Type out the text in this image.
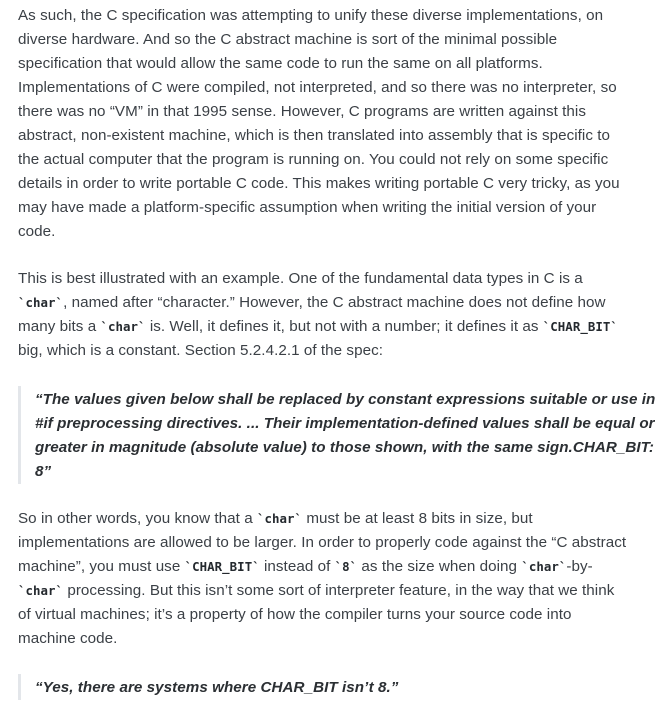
As such, the C specification was attempting to unify these diverse implementations, on
diverse hardware. And so the C abstract machine is sort of the minimal possible
specification that would allow the same code to run the same on all platforms.
Implementations of C were compiled, not interpreted, and so there was no interpreter, so
there was no “VM” in that 1995 sense. However, C programs are written against this
abstract, non-existent machine, which is then translated into assembly that is specific to
the actual computer that the program is running on. You could not rely on some specific
details in order to write portable C code. This makes writing portable C very tricky, as you
may have made a platform-specific assumption when writing the initial version of your
code.

This is best illustrated with an example. One of the fundamental data types in C is a
`char`, named after “character.” However, the C abstract machine does not define how
many bits a `char` is. Well, it defines it, but not with a number; it defines it as `CHAR_BIT`
big, which is a constant. Section 5.2.4.2.1 of the spec:

“The values given below shall be replaced by constant expressions suitable or use in
#if preprocessing directives. ... Their implementation-defined values shall be equal or
greater in magnitude (absolute value) to those shown, with the same sign.CHAR_BIT:
8”

So in other words, you know that a `char` must be at least 8 bits in size, but
implementations are allowed to be larger. In order to properly code against the “C abstract
machine”, you must use `CHAR_BIT` instead of `8` as the size when doing `char`-by-
`char` processing. But this isn’t some sort of interpreter feature, in the way that we think
of virtual machines; it’s a property of how the compiler turns your source code into
machine code.

“Yes, there are systems where CHAR_BIT isn’t 8.”
